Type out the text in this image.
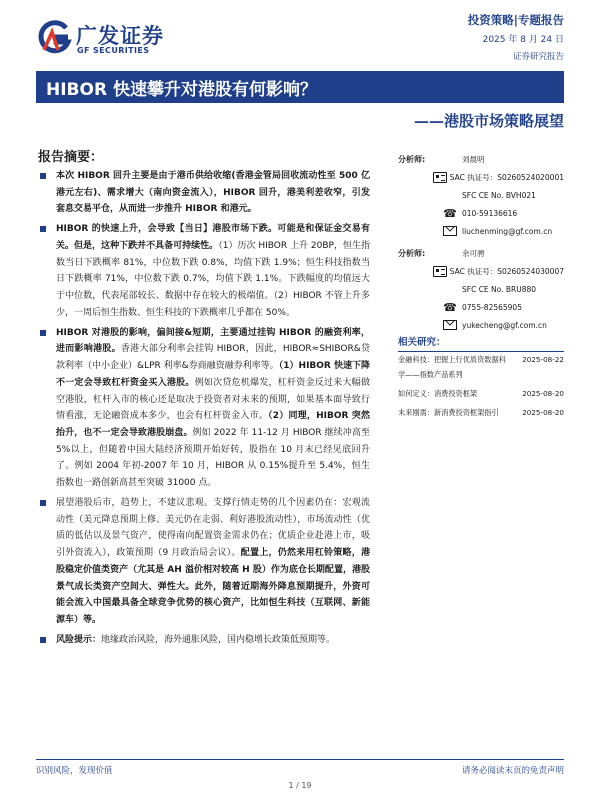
广发证券
GF SECURITIES
投资策略|专题报告
2025 年 8 月 24 日
证券研究报告
HIBOR 快速攀升对港股有何影响？
——港股市场策略展望
报告摘要：
本次 HIBOR 回升主要是由于港币供给收缩(香港金管局回收流动性至 500 亿港元左右)、需求增大（南向资金流入），HIBOR 回升，港美利差收窄，引发套息交易平仓，从而进一步推升 HIBOR 和港元。
HIBOR 的快速上升，会导致【当日】港股市场下跌。可能是和保证金交易有关。但是，这种下跌并不具备可持续性。（1）历次 HIBOR 上升 20BP，恒生指数当日下跌概率 81%，中位数下跌 0.8%，均值下跌 1.9%；恒生科技指数当日下跌概率 71%，中位数下跌 0.7%，均值下跌 1.1%。下跌幅度的均值远大于中位数，代表尾部较长、数据中存在较大的极端值。（2）HIBOR 不管上升多少，一周后恒生指数、恒生科技的下跌概率几乎都在 50%。
HIBOR 对港股的影响，偏间接&短期，主要通过挂钩 HIBOR 的融资利率，进而影响港股。香港大部分利率会挂钩 HIBOR，因此，HIBOR≈SHIBOR&贷款利率（中小企业）&LPR 利率&券商融资融券利率等。（1）HIBOR 快速下降不一定会导致杠杆资金买入港股。例如次贷危机爆发，杠杆资金反过来大幅做空港股，杠杆入市的核心还是取决于投资者对未来的预期，如果基本面导致行情看涨，无论融资成本多少，也会有杠杆资金入市。（2）同理，HIBOR 突然抬升，也不一定会导致港股崩盘。例如 2022 年 11-12 月 HIBOR 继续冲高至 5%以上，但随着中国大陆经济预期开始好转，股指在 10 月末已经见底回升了。例如 2004 年初-2007 年 10 月，HIBOR 从 0.15%提升至 5.4%，恒生指数也一路创新高甚至突破 31000 点。
展望港股后市，趋势上，不建议悲观。支撑行情走势的几个因素仍在：宏观流动性（美元降息预期上修、美元仍在走弱、利好港股流动性），市场流动性（优质的低估以及景气资产，使得南向配置资金需求仍在；优质企业赴港上市，吸引外资流入），政策预期（9 月政治局会议）。配置上，仍然来用杠铃策略，港股稳定价值类资产（尤其是 AH 溢价相对较高 H 股）作为底仓长期配置，港股景气成长类资产空间大、弹性大。此外，随着近期海外降息预期提升，外资可能会流入中国最具备全球竞争优势的核心资产，比如恒生科技（互联网、新能源车）等。
风险提示：地缘政治风险，海外通胀风险，国内稳增长政策低预期等。
分析师:	刘晨明
SAC 执证号：S0260524020001
SFC CE No. BVH021
☎ 010-59136616
liuchenming@gf.com.cn
分析师:	余可骋
SAC 执证号：S0260524030007
SFC CE No. BRU880
☎ 0755-82565905
yukecheng@gf.com.cn
相关研究：
金融科技：把握上行优质资数据科学——指数产品系列
2025-08-22
如何定义：消费投资框架	2025-08-20
未来刚需：新消费投资框架指引	2025-08-20
识别风险，发现价值	请务必阅读末页的免责声明
1 / 19
